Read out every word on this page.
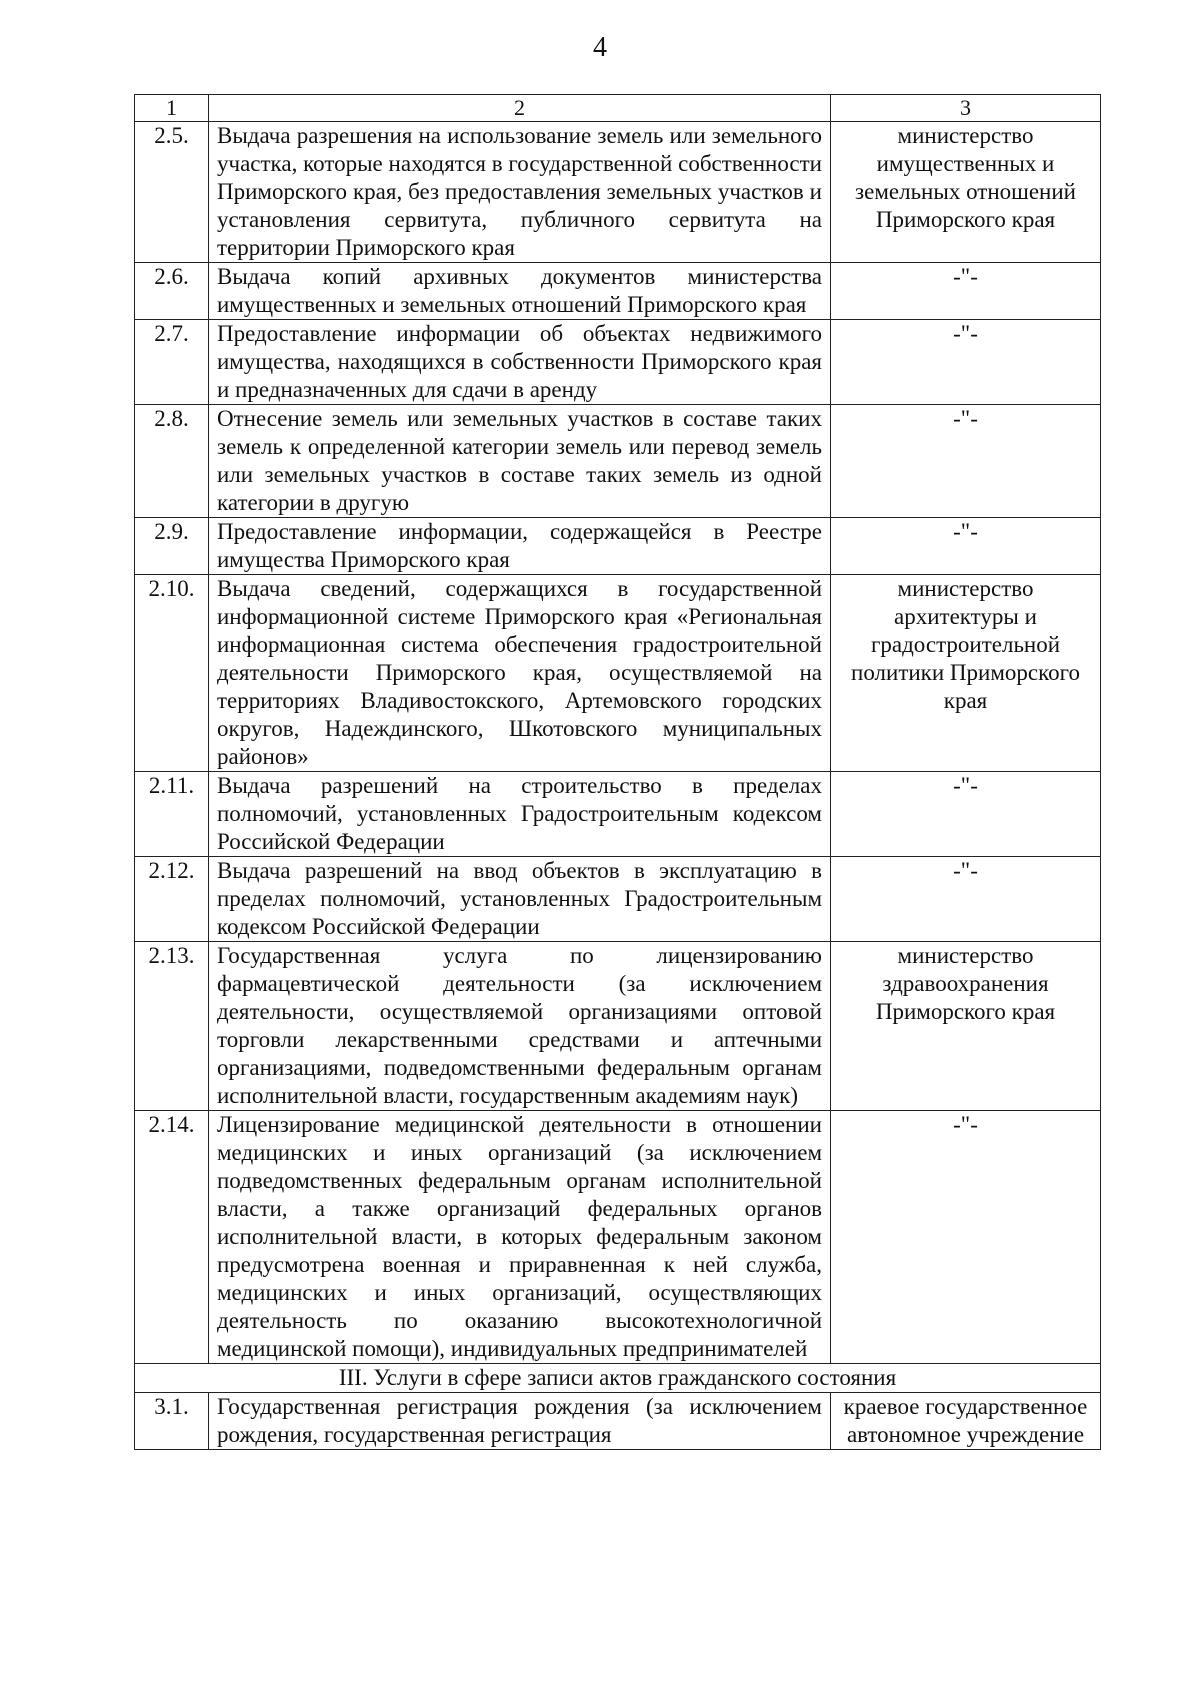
4
1	2	3
2.5.	Выдача разрешения на использование земель или земельного участка, которые находятся в государственной собственности Приморского края, без предоставления земельных участков и установления сервитута, публичного сервитута на территории Приморского края	министерство имущественных и земельных отношений Приморского края
2.6.	Выдача копий архивных документов министерства имущественных и земельных отношений Приморского края	-"-
2.7.	Предоставление информации об объектах недвижимого имущества, находящихся в собственности Приморского края и предназначенных для сдачи в аренду	-"-
2.8.	Отнесение земель или земельных участков в составе таких земель к определенной категории земель или перевод земель или земельных участков в составе таких земель из одной категории в другую	-"-
2.9.	Предоставление информации, содержащейся в Реестре имущества Приморского края	-"-
2.10.	Выдача сведений, содержащихся в государственной информационной системе Приморского края «Региональная информационная система обеспечения градостроительной деятельности Приморского края, осуществляемой на территориях Владивостокского, Артемовского городских округов, Надеждинского, Шкотовского муниципальных районов»	министерство архитектуры и градостроительной политики Приморского края
2.11.	Выдача разрешений на строительство в пределах полномочий, установленных Градостроительным кодексом Российской Федерации	-"-
2.12.	Выдача разрешений на ввод объектов в эксплуатацию в пределах полномочий, установленных Градостроительным кодексом Российской Федерации	-"-
2.13.	Государственная услуга по лицензированию фармацевтической деятельности (за исключением деятельности, осуществляемой организациями оптовой торговли лекарственными средствами и аптечными организациями, подведомственными федеральным органам исполнительной власти, государственным академиям наук)	министерство здравоохранения Приморского края
2.14.	Лицензирование медицинской деятельности в отношении медицинских и иных организаций (за исключением подведомственных федеральным органам исполнительной власти, а также организаций федеральных органов исполнительной власти, в которых федеральным законом предусмотрена военная и приравненная к ней служба, медицинских и иных организаций, осуществляющих деятельность по оказанию высокотехнологичной медицинской помощи), индивидуальных предпринимателей	-"-
III. Услуги в сфере записи актов гражданского состояния		
3.1.	Государственная регистрация рождения (за исключением рождения, государственная регистрация	краевое государственное автономное учреждение
